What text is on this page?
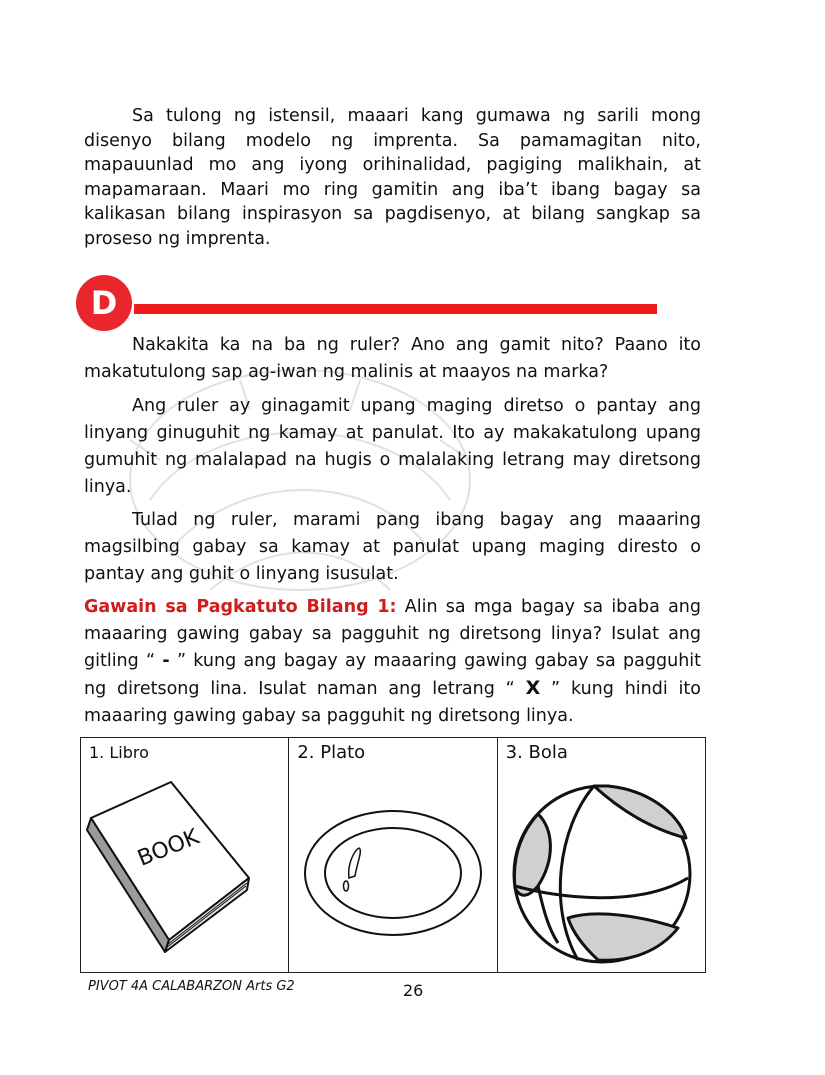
Sa tulong ng istensil, maaari kang gumawa ng sarili mong disenyo bilang modelo ng imprenta. Sa pamamagitan nito, mapauunlad mo ang iyong orihinalidad, pagiging malikhain, at mapamaraan. Maari mo ring gamitin ang iba’t ibang bagay sa kalikasan bilang inspirasyon sa pagdisenyo, at bilang sangkap sa proseso ng imprenta.

D

Nakakita ka na ba ng ruler? Ano ang gamit nito? Paano ito makatutulong sap ag-iwan ng malinis at maayos na marka?

Ang ruler ay ginagamit upang maging diretso o pantay ang linyang ginuguhit ng kamay at panulat. Ito ay makakatulong upang gumuhit ng malalapad na hugis o malalaking letrang may diretsong linya.

Tulad ng ruler, marami pang ibang bagay ang maaaring magsilbing gabay sa kamay at panulat upang maging diresto o pantay ang guhit o linyang isusulat.

Gawain sa Pagkatuto Bilang 1: Alin sa mga bagay sa ibaba ang maaaring gawing gabay sa pagguhit ng diretsong linya? Isulat ang gitling “ - ” kung ang bagay ay maaaring gawing gabay sa pagguhit ng diretsong lina. Isulat naman ang letrang “ X ” kung hindi ito maaaring gawing gabay sa pagguhit ng diretsong linya.

1. Libro
BOOK

2. Plato	3. Bola
PIVOT 4A CALABARZON Arts G2	26
